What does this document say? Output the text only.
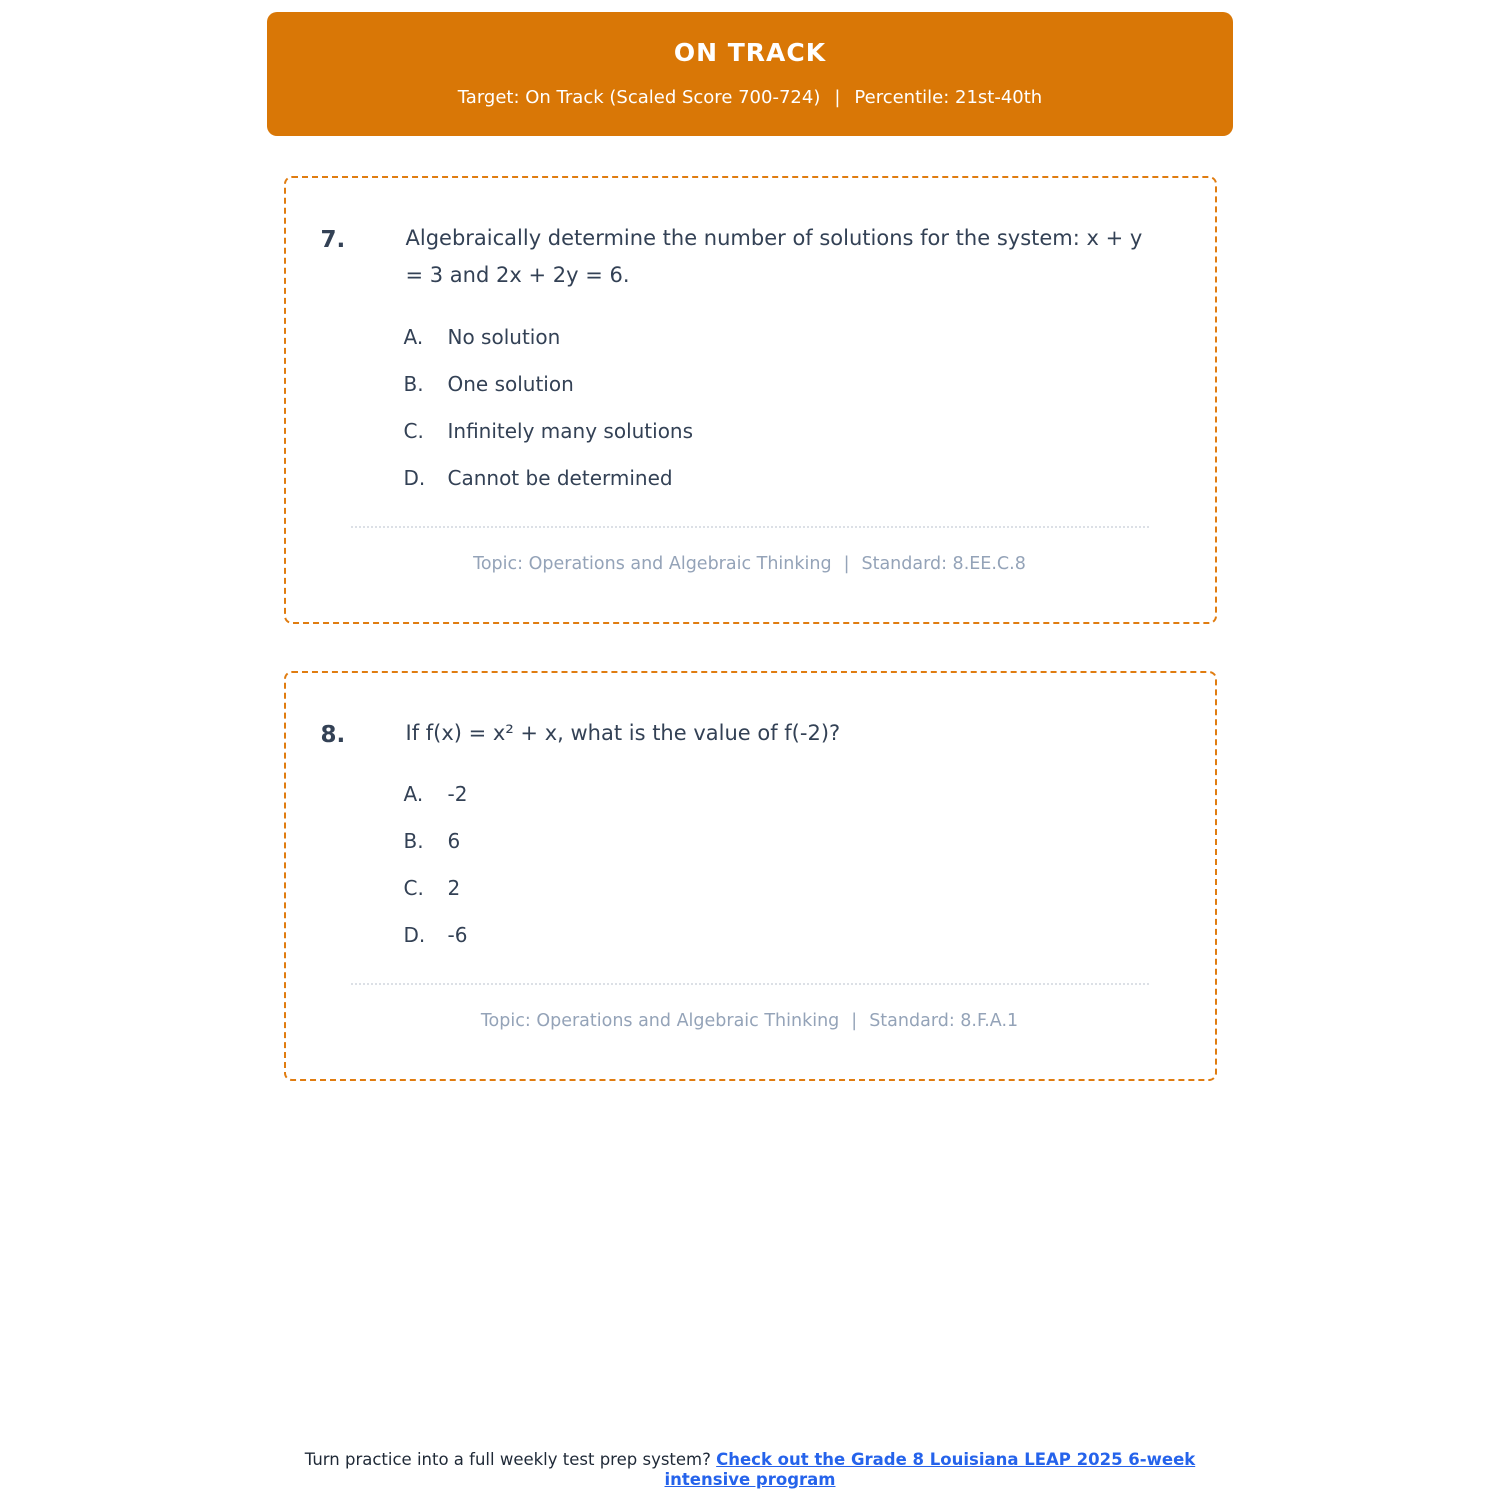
ON TRACK
Target: On Track (Scaled Score 700-724) | Percentile: 21st-40th
7.	Algebraically determine the number of solutions for the system: x + y = 3 and 2x + 2y = 6.
A.	No solution
B.	One solution
C.	Infinitely many solutions
D.	Cannot be determined
Topic: Operations and Algebraic Thinking | Standard: 8.EE.C.8
8.	If f(x) = x² + x, what is the value of f(-2)?
A.	-2
B.	6
C.	2
D.	-6
Topic: Operations and Algebraic Thinking | Standard: 8.F.A.1
Turn practice into a full weekly test prep system? Check out the Grade 8 Louisiana LEAP 2025 6-week intensive program
